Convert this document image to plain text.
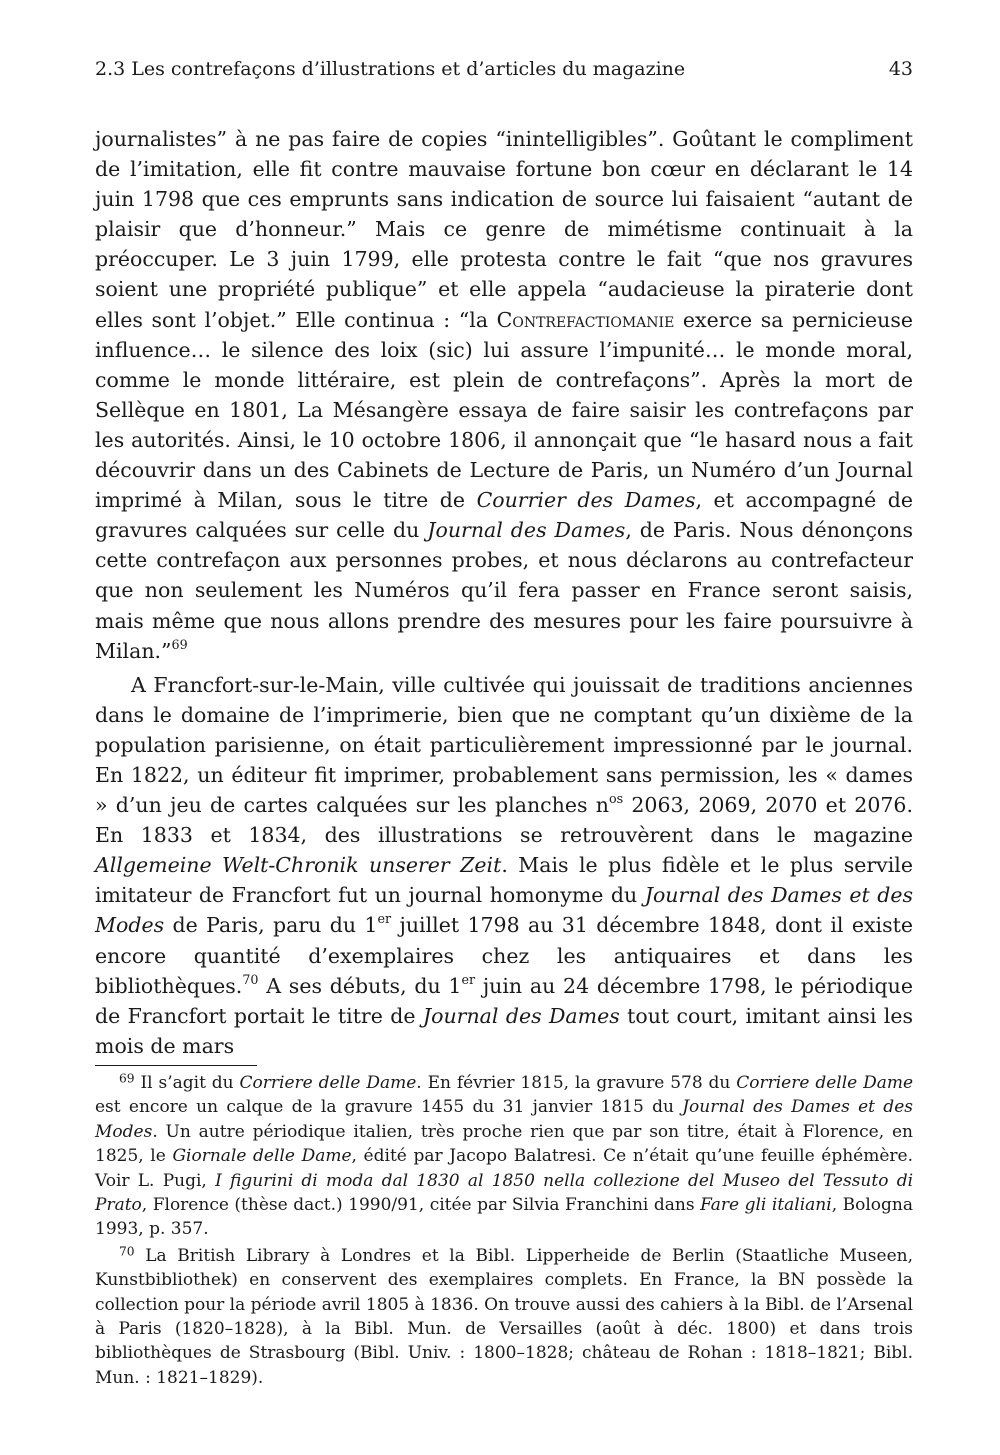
2.3 Les contrefaçons d’illustrations et d’articles du magazine	43

journalistes” à ne pas faire de copies “inintelligibles”. Goûtant le compliment de l’imitation, elle fit contre mauvaise fortune bon cœur en déclarant le 14 juin 1798 que ces emprunts sans indication de source lui faisaient “autant de plaisir que d’honneur.” Mais ce genre de mimétisme continuait à la préoccuper. Le 3 juin 1799, elle protesta contre le fait “que nos gravures soient une propriété publique” et elle appela “audacieuse la piraterie dont elles sont l’objet.” Elle continua : “la Contrefactiomanie exerce sa pernicieuse influence… le silence des loix (sic) lui assure l’impunité… le monde moral, comme le monde littéraire, est plein de contrefaçons”. Après la mort de Sellèque en 1801, La Mésangère essaya de faire saisir les contrefaçons par les autorités. Ainsi, le 10 octobre 1806, il annonçait que “le hasard nous a fait découvrir dans un des Cabinets de Lecture de Paris, un Numéro d’un Journal imprimé à Milan, sous le titre de Courrier des Dames, et accompagné de gravures calquées sur celle du Journal des Dames, de Paris. Nous dénonçons cette contrefaçon aux personnes probes, et nous déclarons au contrefacteur que non seulement les Numéros qu’il fera passer en France seront saisis, mais même que nous allons prendre des mesures pour les faire poursuivre à Milan.”$^{69}$

A Francfort-sur-le-Main, ville cultivée qui jouissait de traditions anciennes dans le domaine de l’imprimerie, bien que ne comptant qu’un dixième de la population parisienne, on était particulièrement impressionné par le journal. En 1822, un éditeur fit imprimer, probablement sans permission, les « dames » d’un jeu de cartes calquées sur les planches $n^{os}$ 2063, 2069, 2070 et 2076. En 1833 et 1834, des illustrations se retrouvèrent dans le magazine Allgemeine Welt-Chronik unserer Zeit. Mais le plus fidèle et le plus servile imitateur de Francfort fut un journal homonyme du Journal des Dames et des Modes de Paris, paru du 1er juillet 1798 au 31 décembre 1848, dont il existe encore quantité d’exemplaires chez les antiquaires et dans les bibliothèques.$^{70}$ A ses débuts, du 1er juin au 24 décembre 1798, le périodique de Francfort portait le titre de Journal des Dames tout court, imitant ainsi les mois de mars

$^{69}$ Il s’agit du Corriere delle Dame. En février 1815, la gravure 578 du Corriere delle Dame est encore un calque de la gravure 1455 du 31 janvier 1815 du Journal des Dames et des Modes. Un autre périodique italien, très proche rien que par son titre, était à Florence, en 1825, le Giornale delle Dame, édité par Jacopo Balatresi. Ce n’était qu’une feuille éphémère. Voir L. Pugi, I figurini di moda dal 1830 al 1850 nella collezione del Museo del Tessuto di Prato, Florence (thèse dact.) 1990/91, citée par Silvia Franchini dans Fare gli italiani, Bologna 1993, p. 357.

$^{70}$ La British Library à Londres et la Bibl. Lipperheide de Berlin (Staatliche Museen, Kunstbibliothek) en conservent des exemplaires complets. En France, la BN possède la collection pour la période avril 1805 à 1836. On trouve aussi des cahiers à la Bibl. de l’Arsenal à Paris (1820–1828), à la Bibl. Mun. de Versailles (août à déc. 1800) et dans trois bibliothèques de Strasbourg (Bibl. Univ. : 1800–1828; château de Rohan : 1818–1821; Bibl. Mun. : 1821–1829).
